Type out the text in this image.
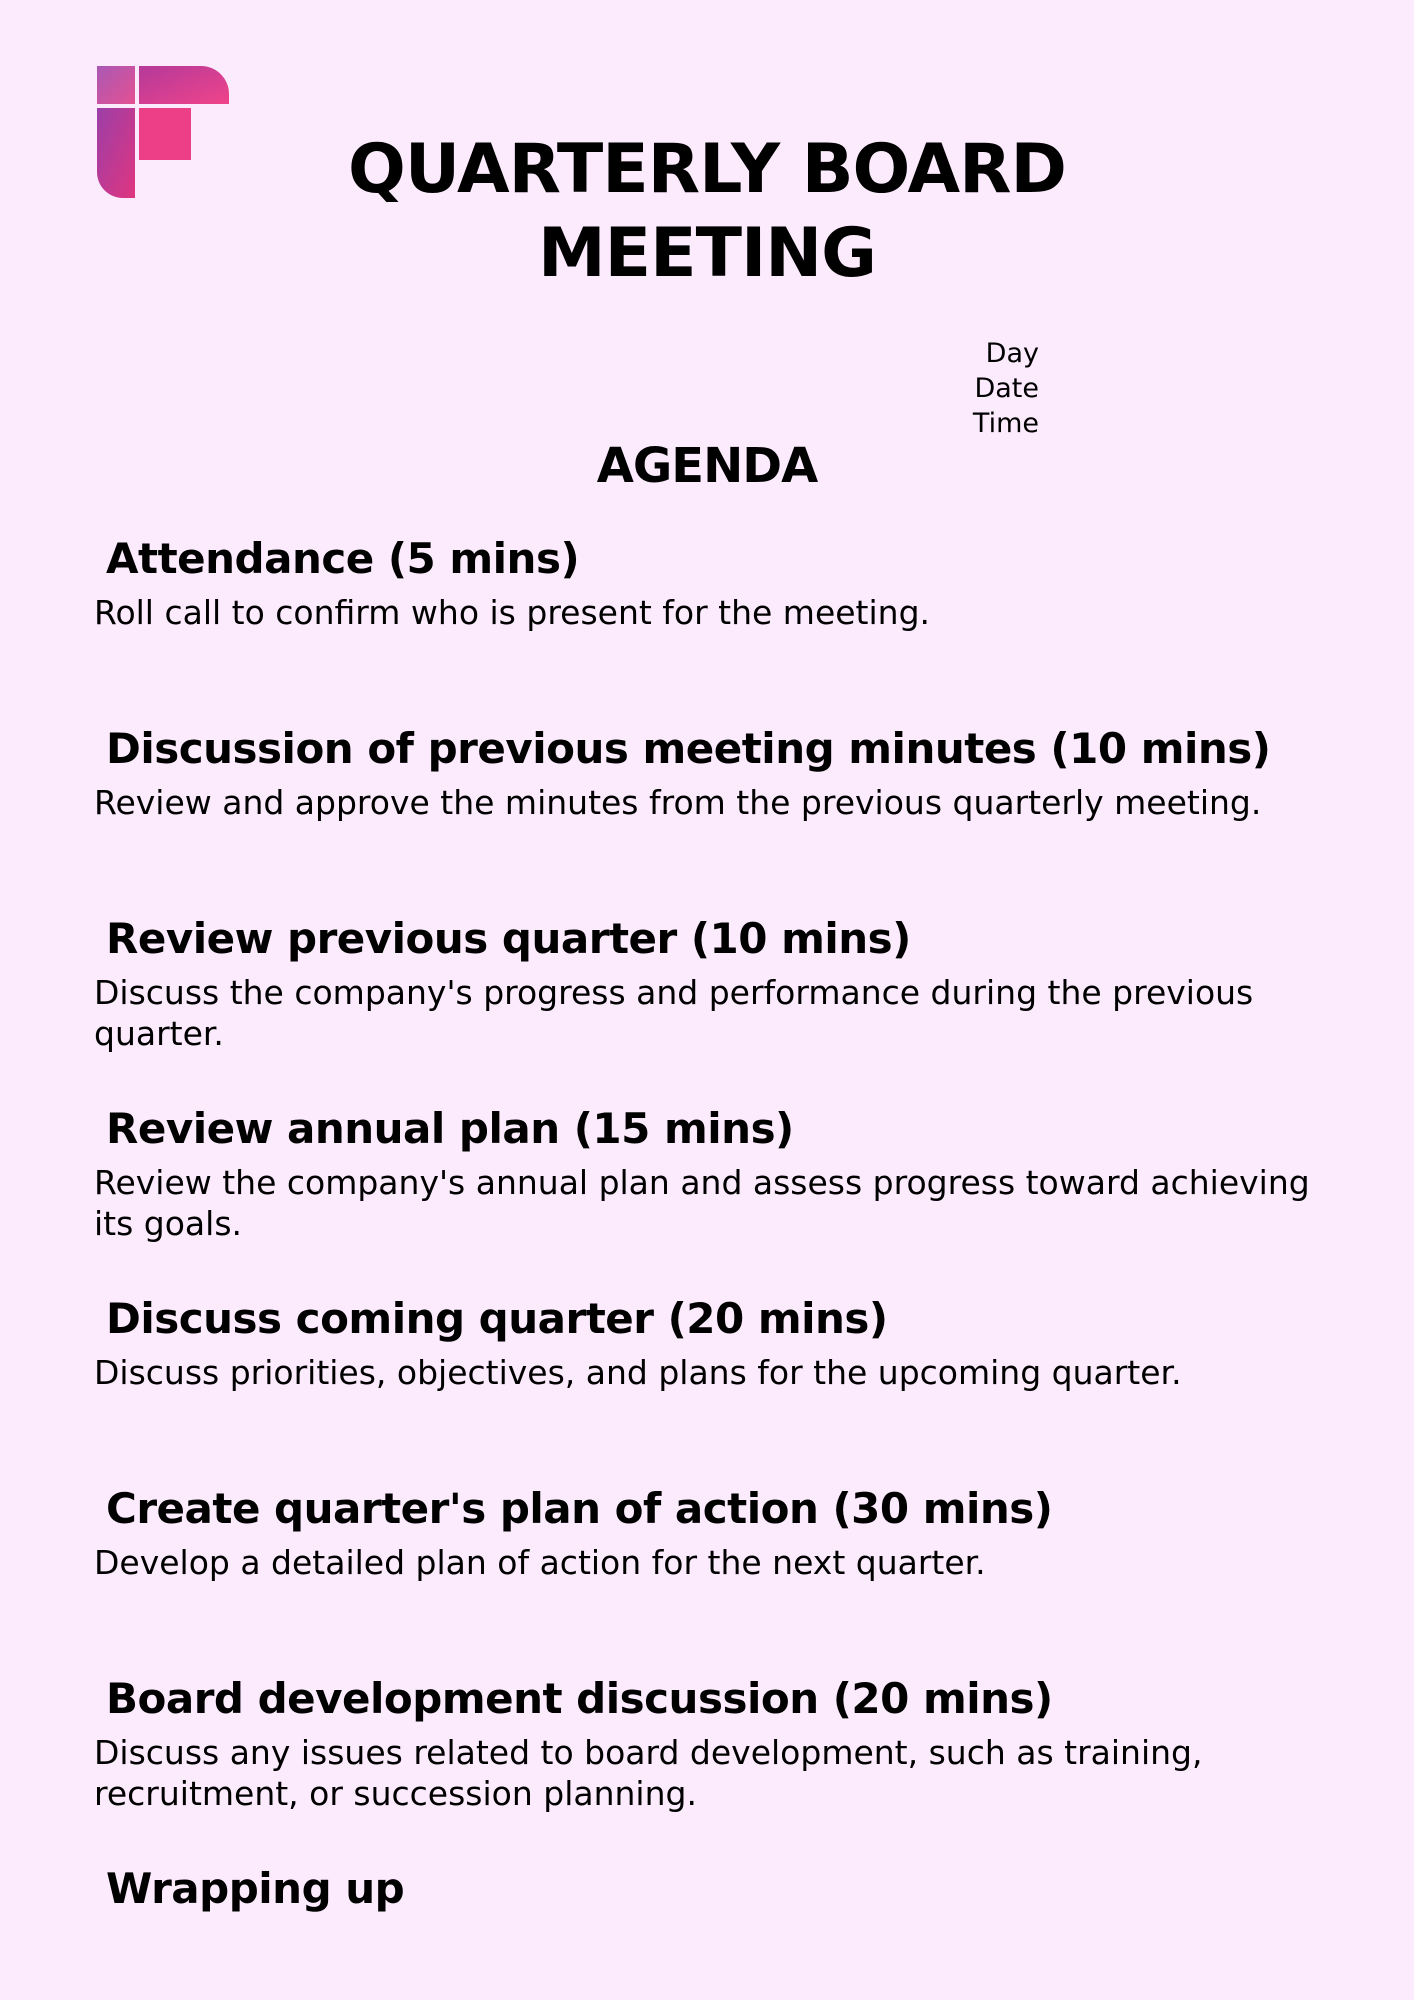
QUARTERLY BOARD
MEETING
Day
Date
Time
AGENDA
Attendance (5 mins)

Roll call to confirm who is present for the meeting.

Discussion of previous meeting minutes (10 mins)

Review and approve the minutes from the previous quarterly meeting.

Review previous quarter (10 mins)

Discuss the company's progress and performance during the previous quarter.

Review annual plan (15 mins)

Review the company's annual plan and assess progress toward achieving its goals.

Discuss coming quarter (20 mins)

Discuss priorities, objectives, and plans for the upcoming quarter.

Create quarter's plan of action (30 mins)

Develop a detailed plan of action for the next quarter.

Board development discussion (20 mins)

Discuss any issues related to board development, such as training, recruitment, or succession planning.

Wrapping up
